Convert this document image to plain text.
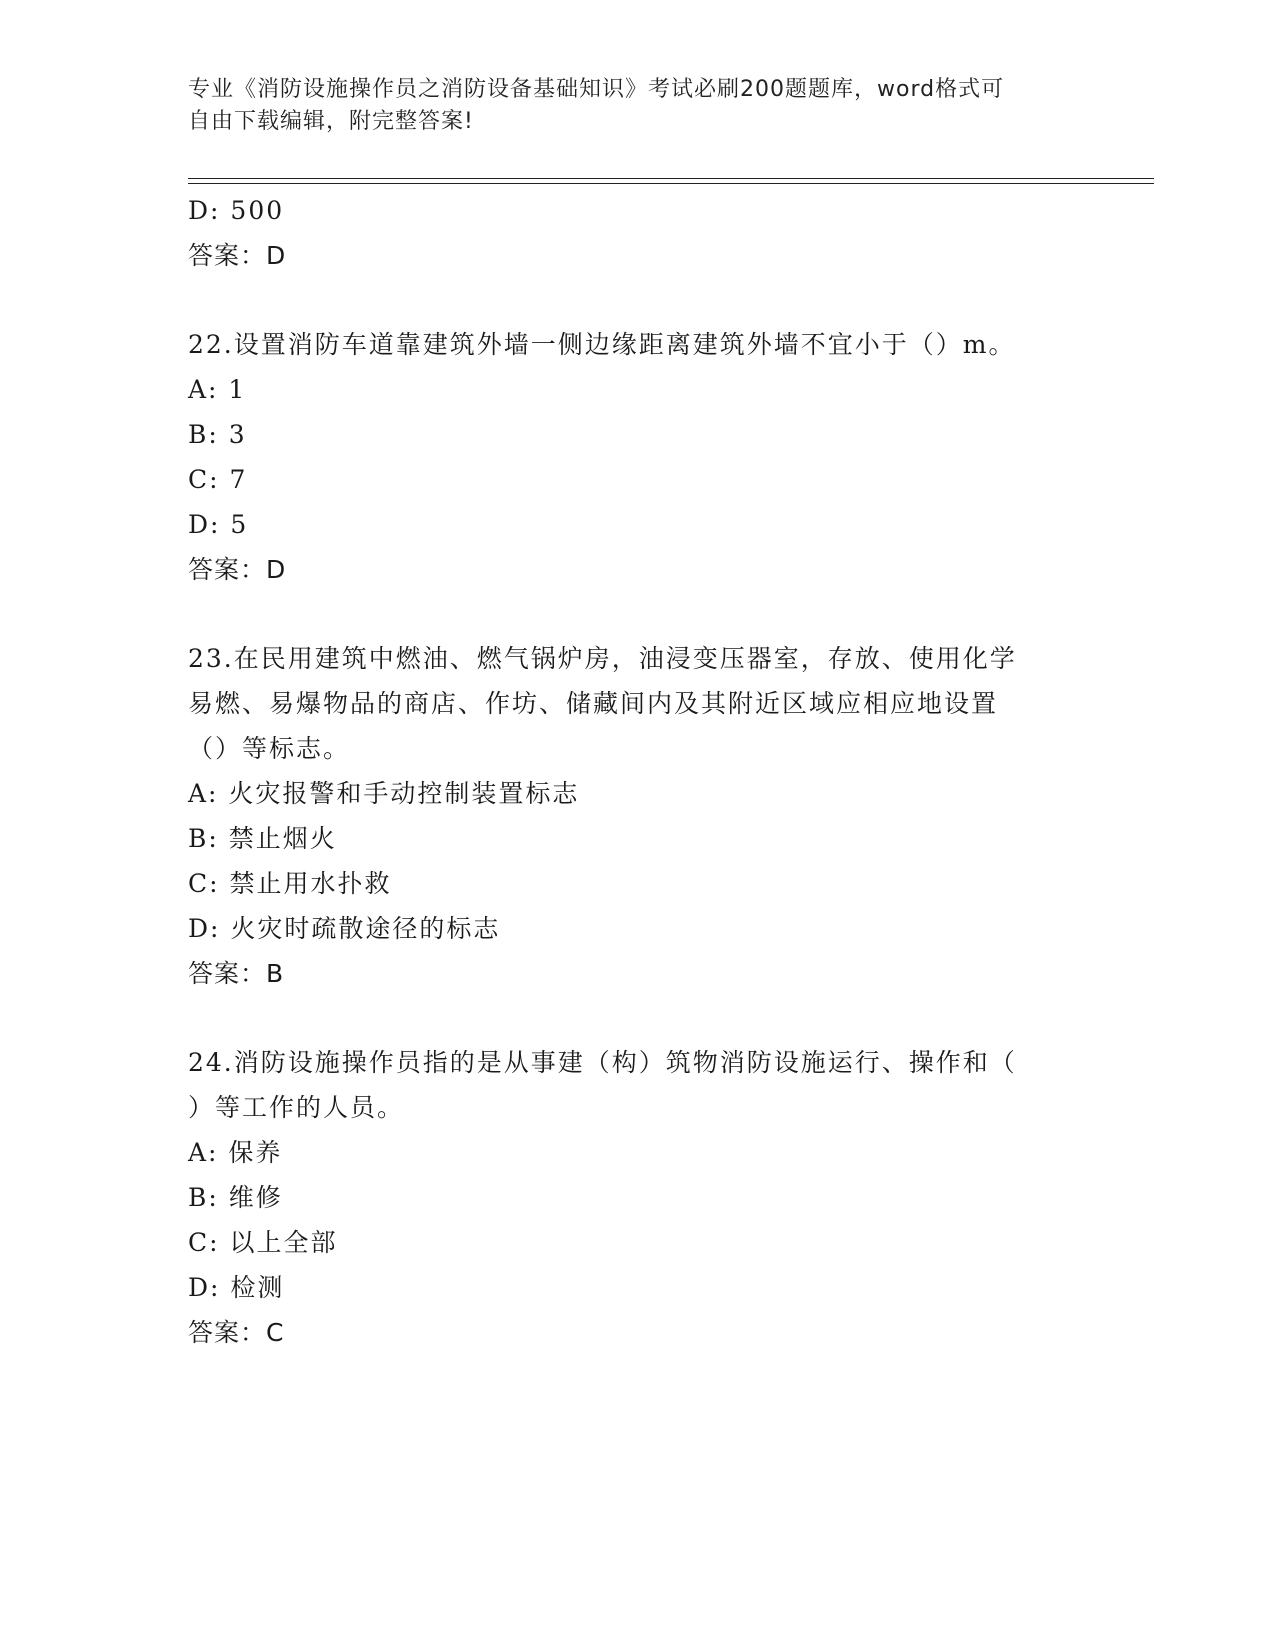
专业《消防设施操作员之消防设备基础知识》考试必刷200题题库，word格式可
自由下载编辑，附完整答案!
D: 500
答案：D
22.设置消防车道靠建筑外墙一侧边缘距离建筑外墙不宜小于（）m。
A: 1
B: 3
C: 7
D: 5
答案：D
23.在民用建筑中燃油、燃气锅炉房，油浸变压器室，存放、使用化学
易燃、易爆物品的商店、作坊、储藏间内及其附近区域应相应地设置
（）等标志。
A: 火灾报警和手动控制装置标志
B: 禁止烟火
C: 禁止用水扑救
D: 火灾时疏散途径的标志
答案：B
24.消防设施操作员指的是从事建（构）筑物消防设施运行、操作和（
）等工作的人员。
A: 保养
B: 维修
C: 以上全部
D: 检测
答案：C
